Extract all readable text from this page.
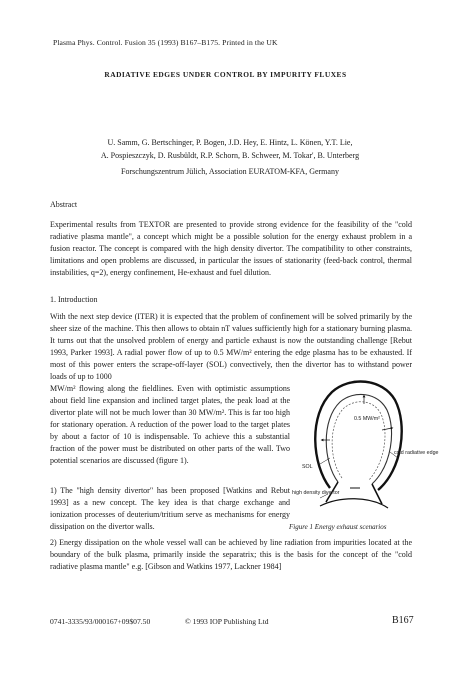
Plasma Phys. Control. Fusion 35 (1993) B167–B175. Printed in the UK
RADIATIVE EDGES UNDER CONTROL BY IMPURITY FLUXES
U. Samm, G. Bertschinger, P. Bogen, J.D. Hey, E. Hintz, L. Könen, Y.T. Lie,
A. Pospieszczyk, D. Rusbüldt, R.P. Schorn, B. Schweer, M. Tokar', B. Unterberg
Forschungszentrum Jülich, Association EURATOM-KFA, Germany
Abstract
Experimental results from TEXTOR are presented to provide strong evidence for the feasibility of the "cold radiative plasma mantle", a concept which might be a possible solution for the energy exhaust problem in a fusion reactor. The concept is compared with the high density divertor. The compatibility to other constraints, limitations and open problems are discussed, in particular the issues of stationarity (feed-back control, thermal instabilities, q=2), energy confinement, He-exhaust and fuel dilution.
1. Introduction
With the next step device (ITER) it is expected that the problem of confinement will be solved primarily by the sheer size of the machine. This then allows to obtain nT values sufficiently high for a stationary burning plasma. It turns out that the unsolved problem of energy and particle exhaust is now the outstanding challenge [Rebut 1993, Parker 1993]. A radial power flow of up to 0.5 MW/m² entering the edge plasma has to be exhausted. If most of this power enters the scrape-off-layer (SOL) convectively, then the divertor has to withstand power loads of up to 1000
MW/m² flowing along the fieldlines. Even with optimistic assumptions about field line expansion and inclined target plates, the peak load at the divertor plate will not be much lower than 30 MW/m². This is far too high for stationary operation. A reduction of the power load to the target plates by about a factor of 10 is indispensable. To achieve this a substantial fraction of the power must be distributed on other parts of the wall. Two potential scenarios are discussed (figure 1).
1) The "high density divertor" has been proposed [Watkins and Rebut 1993] as a new concept. The key idea is that charge exchange and ionization processes of deuterium/tritium serve as mechanisms for energy dissipation on the divertor walls.
2) Energy dissipation on the whole vessel wall can be achieved by line radiation from impurities located at the boundary of the bulk plasma, primarily inside the separatrix; this is the basis for the concept of the "cold radiative plasma mantle" e.g. [Gibson and Watkins 1977, Lackner 1984]
0.5 MW/m²
cold radiative edge
SOL
high density divertor
Figure 1 Energy exhaust scenarios
0741-3335/93/000167+09$07.50	© 1993 IOP Publishing Ltd	B167
